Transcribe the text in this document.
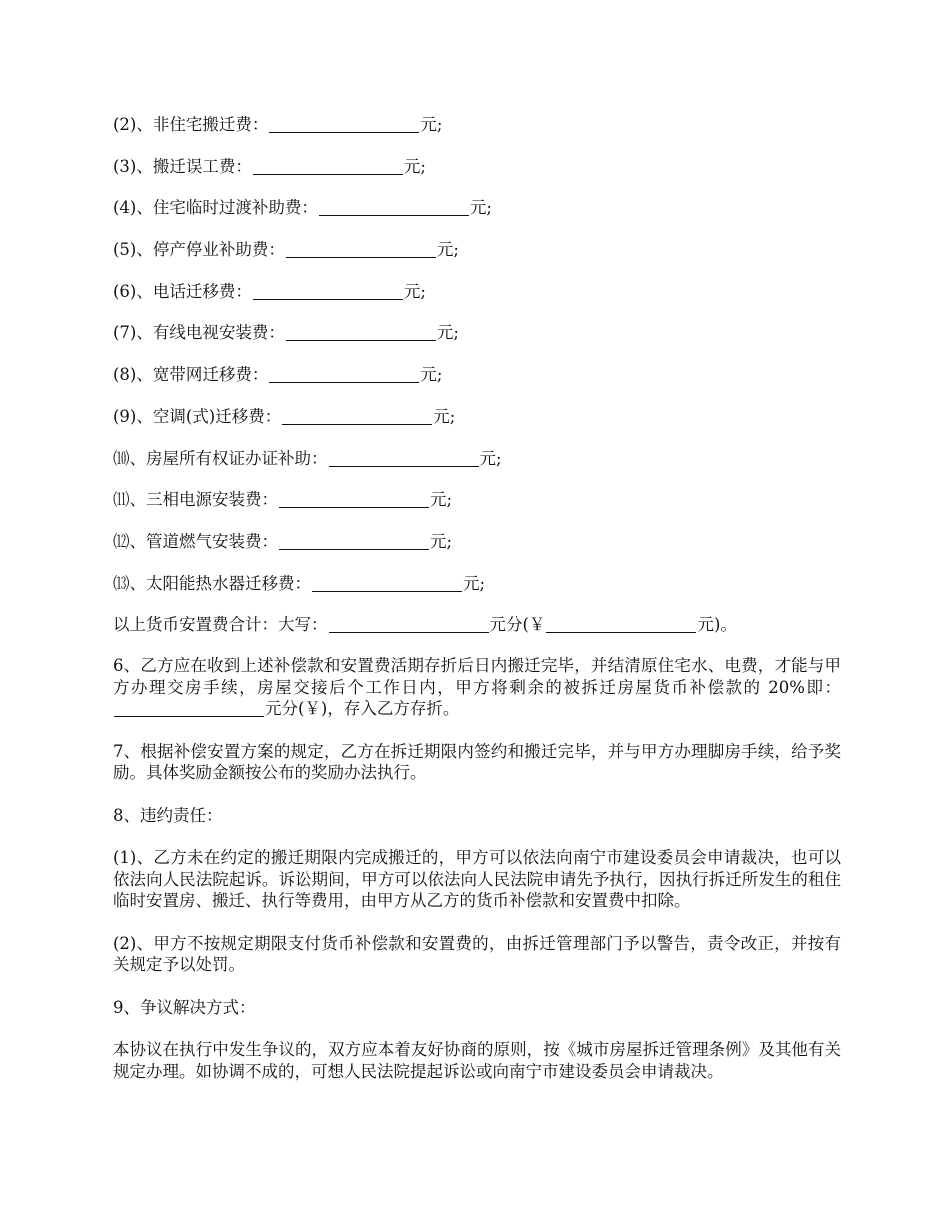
(2)、非住宅搬迁费：	元;
(3)、搬迁误工费：	元;
(4)、住宅临时过渡补助费：	元;
(5)、停产停业补助费：	元;
(6)、电话迁移费：	元;
(7)、有线电视安装费：	元;
(8)、宽带网迁移费：	元;
(9)、空调(式)迁移费：	元;
⑽、房屋所有权证办证补助：	元;
⑾、三相电源安装费：	元;
⑿、管道燃气安装费：	元;
⒀、太阳能热水器迁移费：	元;
以上货币安置费合计：大写：	元分(￥	元)。

6、乙方应在收到上述补偿款和安置费活期存折后日内搬迁完毕，并结清原住宅水、电费，才能与甲方办理交房手续，房屋交接后个工作日内，甲方将剩余的被拆迁房屋货币补偿款的 20%即：元分(￥)，存入乙方存折。

7、根据补偿安置方案的规定，乙方在拆迁期限内签约和搬迁完毕，并与甲方办理脚房手续，给予奖励。具体奖励金额按公布的奖励办法执行。

8、违约责任：

(1)、乙方未在约定的搬迁期限内完成搬迁的，甲方可以依法向南宁市建设委员会申请裁决，也可以依法向人民法院起诉。诉讼期间，甲方可以依法向人民法院申请先予执行，因执行拆迁所发生的租住临时安置房、搬迁、执行等费用，由甲方从乙方的货币补偿款和安置费中扣除。

(2)、甲方不按规定期限支付货币补偿款和安置费的，由拆迁管理部门予以警告，责令改正，并按有关规定予以处罚。

9、争议解决方式：

本协议在执行中发生争议的，双方应本着友好协商的原则，按《城市房屋拆迁管理条例》及其他有关规定办理。如协调不成的，可想人民法院提起诉讼或向南宁市建设委员会申请裁决。
